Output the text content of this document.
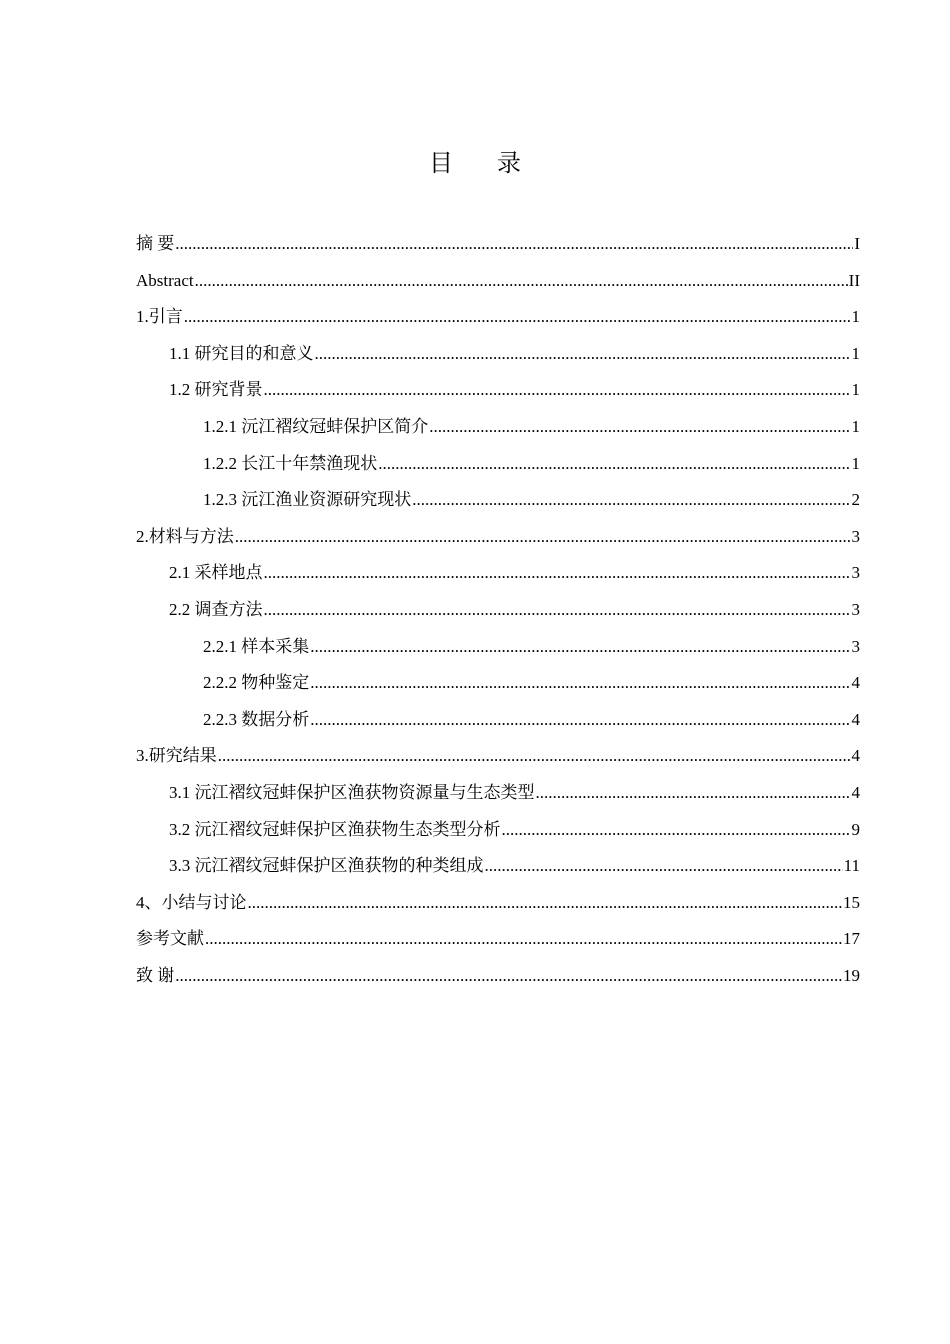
目录
摘 要 .....	I
Abstract .....	II
1.引言 .....	1
1.1 研究目的和意义 .....	1
1.2 研究背景 .....	1
1.2.1 沅江褶纹冠蚌保护区简介 .....	1
1.2.2 长江十年禁渔现状 .....	1
1.2.3 沅江渔业资源研究现状 .....	2
2.材料与方法 .....	3
2.1 采样地点 .....	3
2.2 调查方法 .....	3
2.2.1 样本采集 .....	3
2.2.2 物种鉴定 .....	4
2.2.3 数据分析 .....	4
3.研究结果 .....	4
3.1 沅江褶纹冠蚌保护区渔获物资源量与生态类型 .....	4
3.2 沅江褶纹冠蚌保护区渔获物生态类型分析 .....	9
3.3 沅江褶纹冠蚌保护区渔获物的种类组成 .....	11
4、小结与讨论 .....	15
参考文献 .....	17
致 谢 .....	19
